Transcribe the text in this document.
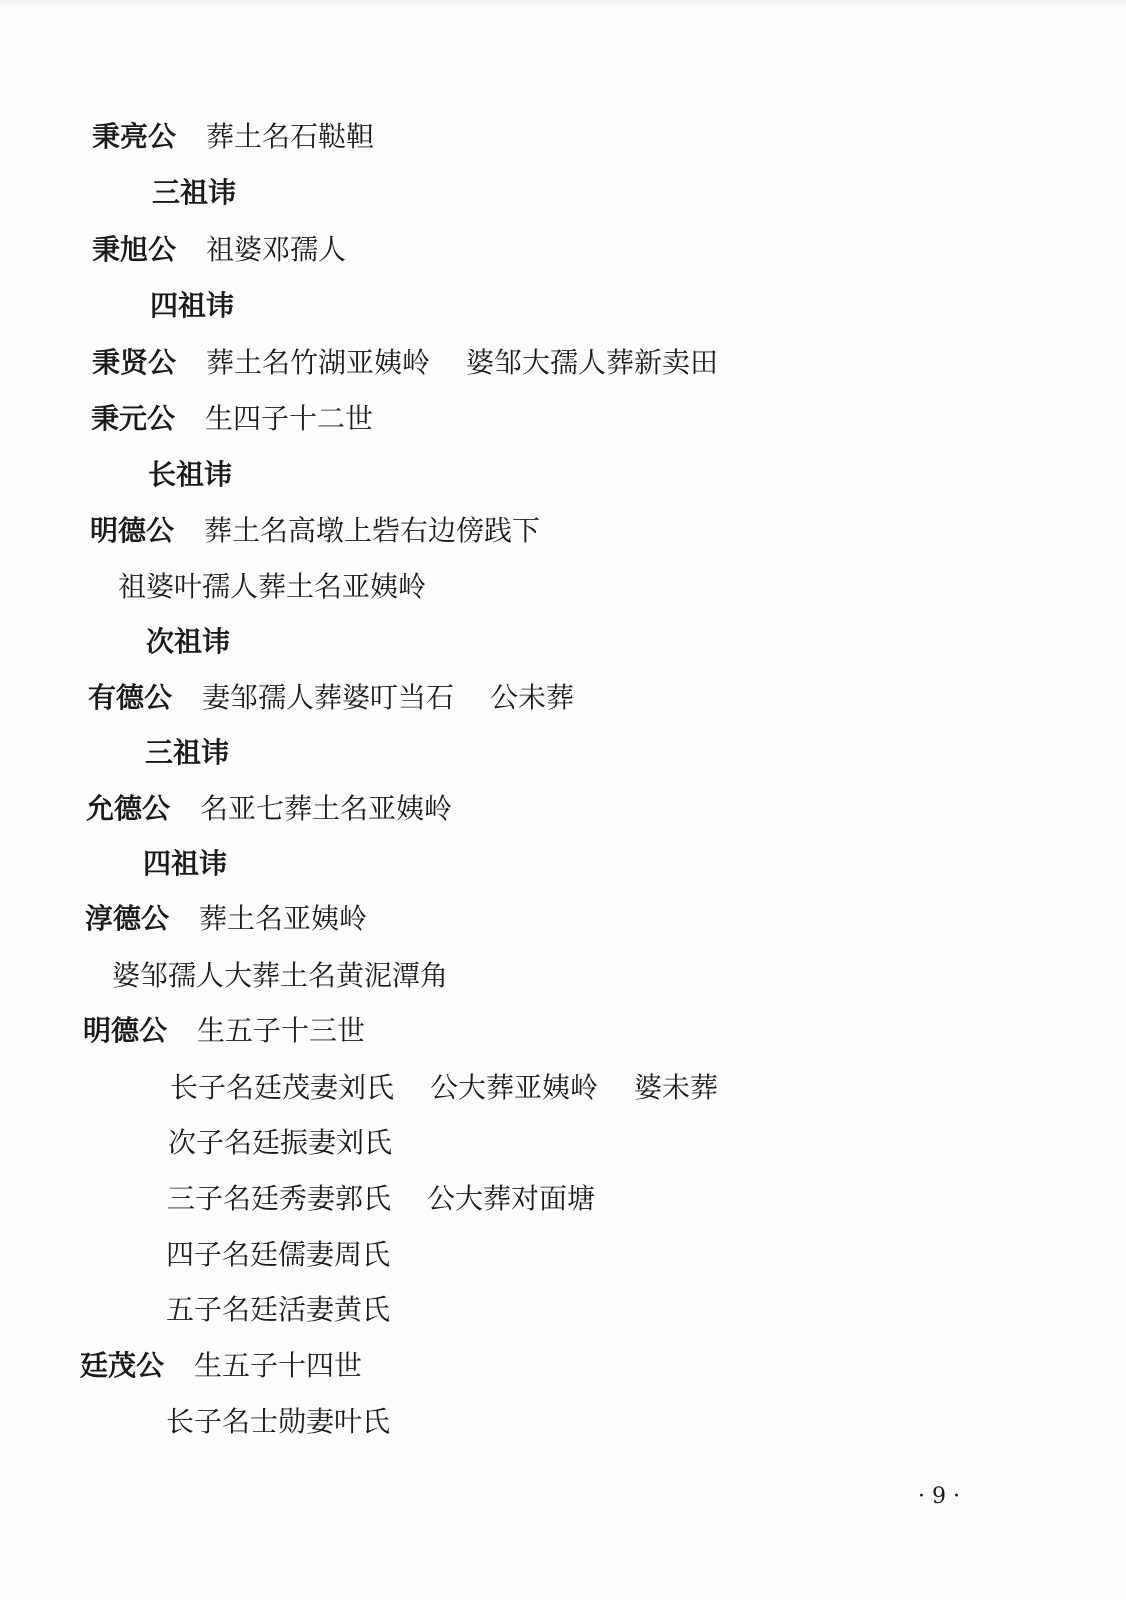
秉亮公 葬土名石鞑靼
三祖讳
秉旭公 祖婆邓孺人
四祖讳
秉贤公 葬土名竹湖亚姨岭 婆邹大孺人葬新卖田
秉元公 生四子十二世
长祖讳
明德公 葬土名高墩上砦右边傍践下
祖婆叶孺人葬土名亚姨岭
次祖讳
有德公 妻邹孺人葬婆叮当石 公未葬
三祖讳
允德公 名亚七葬土名亚姨岭
四祖讳
淳德公 葬土名亚姨岭
婆邹孺人大葬土名黄泥潭角
明德公 生五子十三世
长子名廷茂妻刘氏 公大葬亚姨岭 婆未葬
次子名廷振妻刘氏
三子名廷秀妻郭氏 公大葬对面塘
四子名廷儒妻周氏
五子名廷活妻黄氏
廷茂公 生五子十四世
长子名士勋妻叶氏
· 9 ·
